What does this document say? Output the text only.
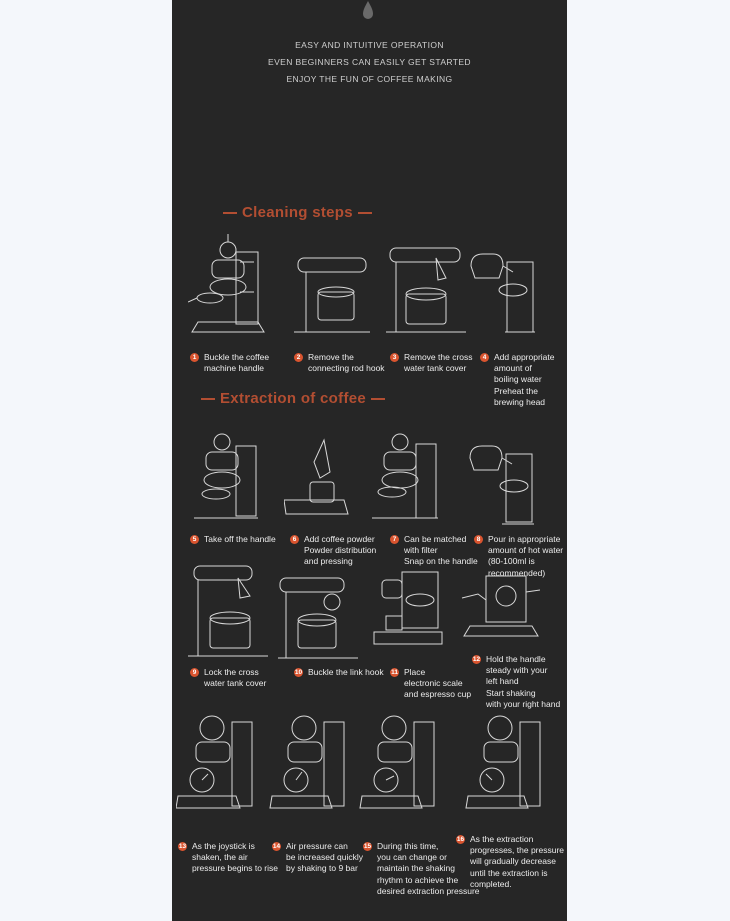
EASY AND INTUITIVE OPERATION
EVEN BEGINNERS CAN EASILY GET STARTED
ENJOY THE FUN OF COFFEE MAKING
Cleaning steps
1 Buckle the coffee
machine handle
2 Remove the
connecting rod hook
3 Remove the cross
water tank cover
4 Add appropriate
amount of
boiling water
Preheat the
brewing head
Extraction of coffee
5 Take off the handle	6 Add coffee powder
Powder distribution
and pressing
7 Can be matched
with filter
Snap on the handle
8 Pour in appropriate
amount of hot water
(80-100ml is
recommended)
9 Lock the cross
water tank cover
10 Buckle the link hook 11 Place
electronic scale
and espresso cup
12 Hold the handle
steady with your
left hand
Start shaking
with your right hand
13 As the joystick is
shaken, the air
pressure begins to rise
14 Air pressure can
be increased quickly
by shaking to 9 bar
15 During this time,
you can change or
maintain the shaking
rhythm to achieve the
desired extraction pressure
16 As the extraction
progresses, the pressure
will gradually decrease
until the extraction is
completed.
